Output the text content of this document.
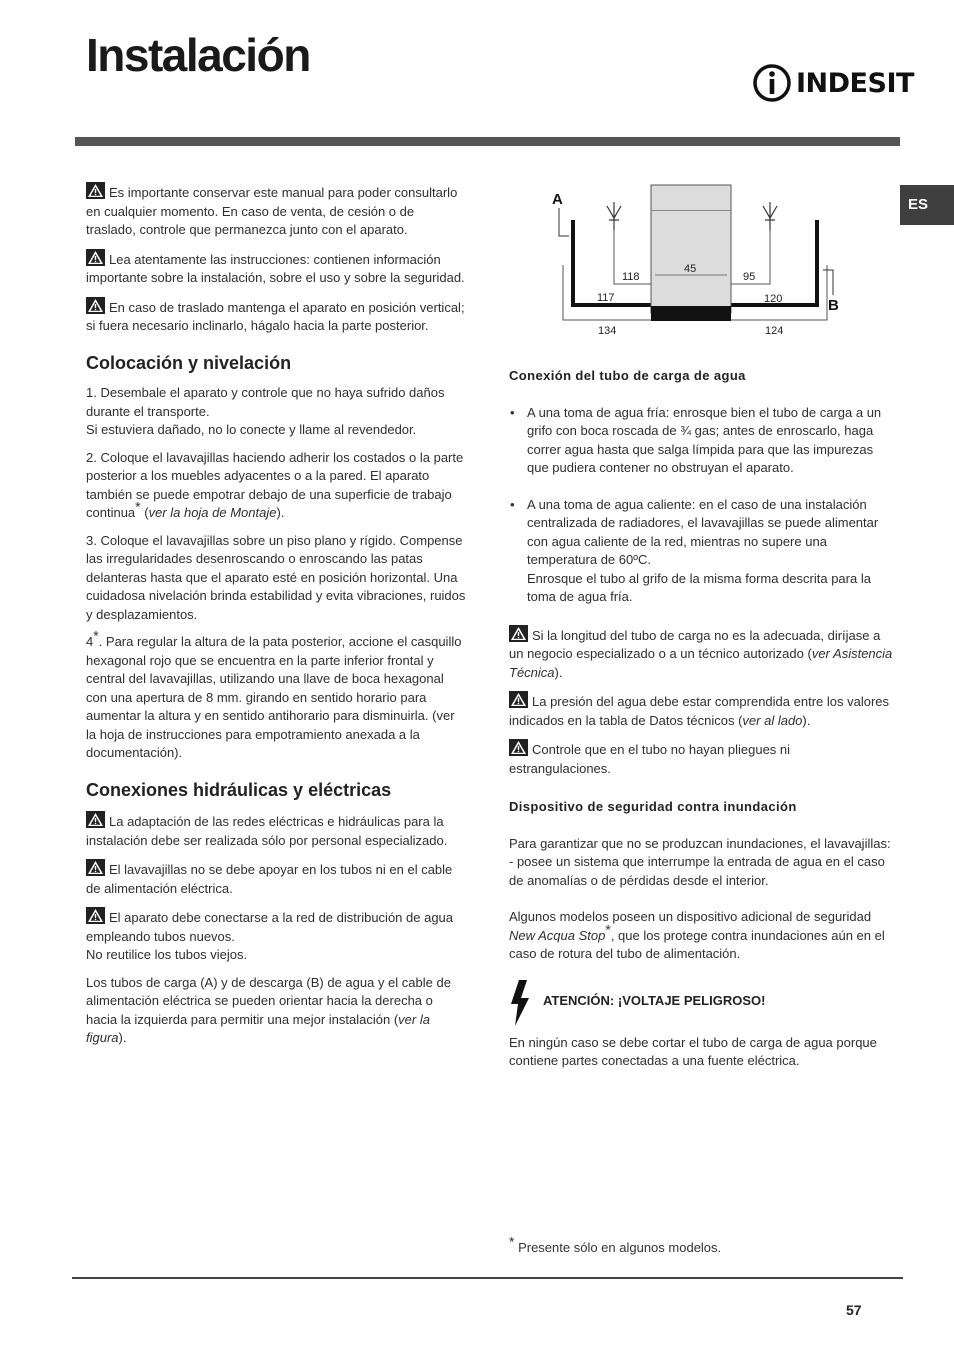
Instalación
INDESIT
ES
Es importante conservar este manual para poder consultarlo en cualquier momento. En caso de venta, de cesión o de traslado, controle que permanezca junto con el aparato.
Lea atentamente las instrucciones: contienen información importante sobre la instalación, sobre el uso y sobre la seguridad.
En caso de traslado mantenga el aparato en posición vertical; si fuera necesario inclinarlo, hágalo hacia la parte posterior.
Colocación y nivelación
1. Desembale el aparato y controle que no haya sufrido daños durante el transporte.
Si estuviera dañado, no lo conecte y llame al revendedor.
2. Coloque el lavavajillas haciendo adherir los costados o la parte posterior a los muebles adyacentes o a la pared. El aparato también se puede empotrar debajo de una superficie de trabajo continua* (ver la hoja de Montaje).
3. Coloque el lavavajillas sobre un piso plano y rígido. Compense las irregularidades desenroscando o enroscando las patas delanteras hasta que el aparato esté en posición horizontal. Una cuidadosa nivelación brinda estabilidad y evita vibraciones, ruidos y desplazamientos.
4*. Para regular la altura de la pata posterior, accione el casquillo hexagonal rojo que se encuentra en la parte inferior frontal y central del lavavajillas, utilizando una llave de boca hexagonal con una apertura de 8 mm. girando en sentido horario para aumentar la altura y en sentido antihorario para disminuirla. (ver la hoja de instrucciones para empotramiento anexada a la documentación).
Conexiones hidráulicas y eléctricas
La adaptación de las redes eléctricas e hidráulicas para la instalación debe ser realizada sólo por personal especializado.
El lavavajillas no se debe apoyar en los tubos ni en el cable de alimentación eléctrica.
El aparato debe conectarse a la red de distribución de agua empleando tubos nuevos.
No reutilice los tubos viejos.
Los tubos de carga (A) y de descarga (B) de agua y el cable de alimentación eléctrica se pueden orientar hacia la derecha o hacia la izquierda para permitir una mejor instalación (ver la figura).
A
B
45
118	95
117	120
134	124
Conexión del tubo de carga de agua
• A una toma de agua fría: enrosque bien el tubo de carga a un grifo con boca roscada de ¾ gas; antes de enroscarlo, haga correr agua hasta que salga límpida para que las impurezas que pudiera contener no obstruyan el aparato.
• A una toma de agua caliente: en el caso de una instalación centralizada de radiadores, el lavavajillas se puede alimentar con agua caliente de la red, mientras no supere una temperatura de 60ºC.
Enrosque el tubo al grifo de la misma forma descrita para la toma de agua fría.
Si la longitud del tubo de carga no es la adecuada, diríjase a un negocio especializado o a un técnico autorizado (ver Asistencia Técnica).
La presión del agua debe estar comprendida entre los valores indicados en la tabla de Datos técnicos (ver al lado).
Controle que en el tubo no hayan pliegues ni estrangulaciones.
Dispositivo de seguridad contra inundación
Para garantizar que no se produzcan inundaciones, el lavavajillas:
- posee un sistema que interrumpe la entrada de agua en el caso de anomalías o de pérdidas desde el interior.
Algunos modelos poseen un dispositivo adicional de seguridad New Acqua Stop*, que los protege contra inundaciones aún en el caso de rotura del tubo de alimentación.
ATENCIÓN: ¡VOLTAJE PELIGROSO!
En ningún caso se debe cortar el tubo de carga de agua porque contiene partes conectadas a una fuente eléctrica.
* Presente sólo en algunos modelos.
57
